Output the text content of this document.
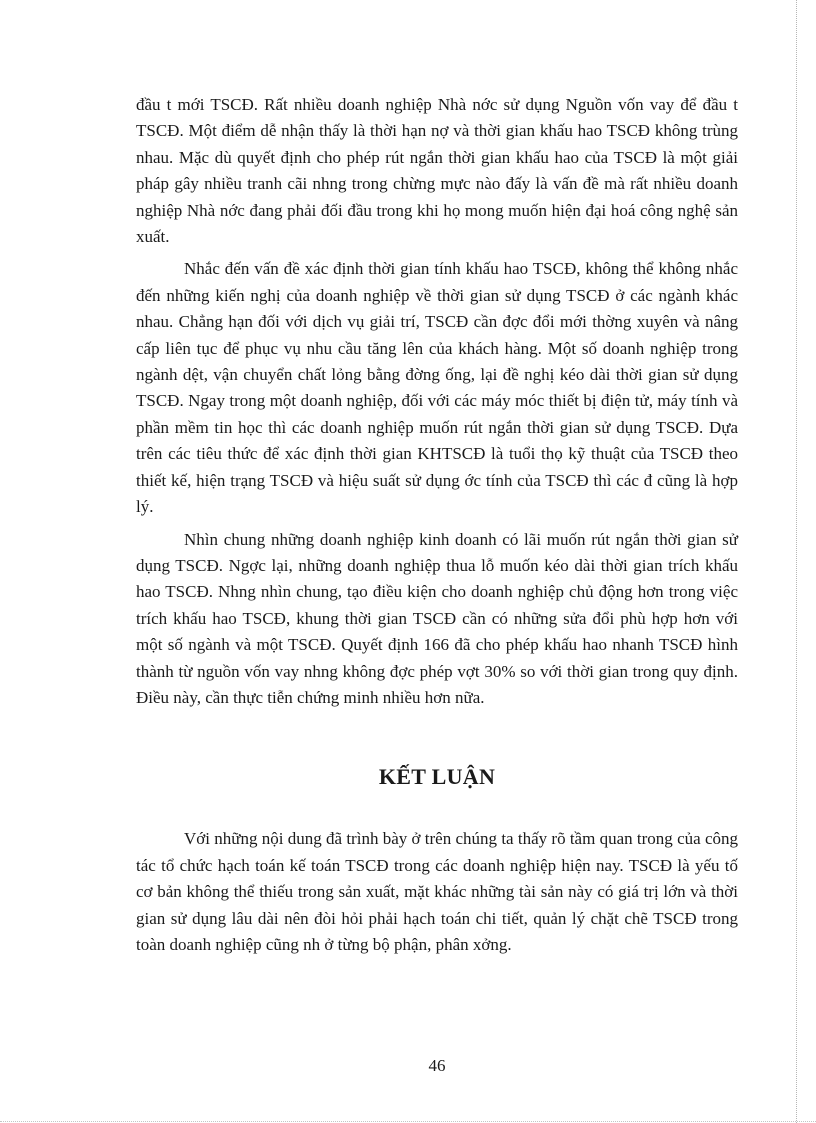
đầu t mới TSCĐ. Rất nhiều doanh nghiệp Nhà nớc sử dụng Nguồn vốn vay để đầu t TSCĐ. Một điểm dễ nhận thấy là thời hạn nợ và thời gian khấu hao TSCĐ không trùng nhau. Mặc dù quyết định cho phép rút ngắn thời gian khấu hao của TSCĐ là một giải pháp gây nhiều tranh cãi nhng trong chừng mực nào đấy là vấn đề mà rất nhiều doanh nghiệp Nhà nớc đang phải đối đầu trong khi họ mong muốn hiện đại hoá công nghệ sản xuất.

Nhắc đến vấn đề xác định thời gian tính khấu hao TSCĐ, không thể không nhắc đến những kiến nghị của doanh nghiệp về thời gian sử dụng TSCĐ ở các ngành khác nhau. Chẳng hạn đối với dịch vụ giải trí, TSCĐ cần đợc đổi mới thờng xuyên và nâng cấp liên tục để phục vụ nhu cầu tăng lên của khách hàng. Một số doanh nghiệp trong ngành dệt, vận chuyển chất lỏng bằng đờng ống, lại đề nghị kéo dài thời gian sử dụng TSCĐ. Ngay trong một doanh nghiệp, đối với các máy móc thiết bị điện tử, máy tính và phần mềm tin học thì các doanh nghiệp muốn rút ngắn thời gian sử dụng TSCĐ. Dựa trên các tiêu thức để xác định thời gian KHTSCĐ là tuổi thọ kỹ thuật của TSCĐ theo thiết kế, hiện trạng TSCĐ và hiệu suất sử dụng ớc tính của TSCĐ thì các đ cũng là hợp lý.

Nhìn chung những doanh nghiệp kinh doanh có lãi muốn rút ngắn thời gian sử dụng TSCĐ. Ngợc lại, những doanh nghiệp thua lỗ muốn kéo dài thời gian trích khấu hao TSCĐ. Nhng nhìn chung, tạo điều kiện cho doanh nghiệp chủ động hơn trong việc trích khấu hao TSCĐ, khung thời gian TSCĐ cần có những sửa đổi phù hợp hơn với một số ngành và một TSCĐ. Quyết định 166 đã cho phép khấu hao nhanh TSCĐ hình thành từ nguồn vốn vay nhng không đợc phép vợt 30% so với thời gian trong quy định. Điều này, cần thực tiễn chứng minh nhiều hơn nữa.

KẾT LUẬN

Với những nội dung đã trình bày ở trên chúng ta thấy rõ tầm quan trong của công tác tổ chức hạch toán kế toán TSCĐ trong các doanh nghiệp hiện nay. TSCĐ là yếu tố cơ bản không thể thiếu trong sản xuất, mặt khác những tài sản này có giá trị lớn và thời gian sử dụng lâu dài nên đòi hỏi phải hạch toán chi tiết, quản lý chặt chẽ TSCĐ trong toàn doanh nghiệp cũng nh ở từng bộ phận, phân xởng.

46
